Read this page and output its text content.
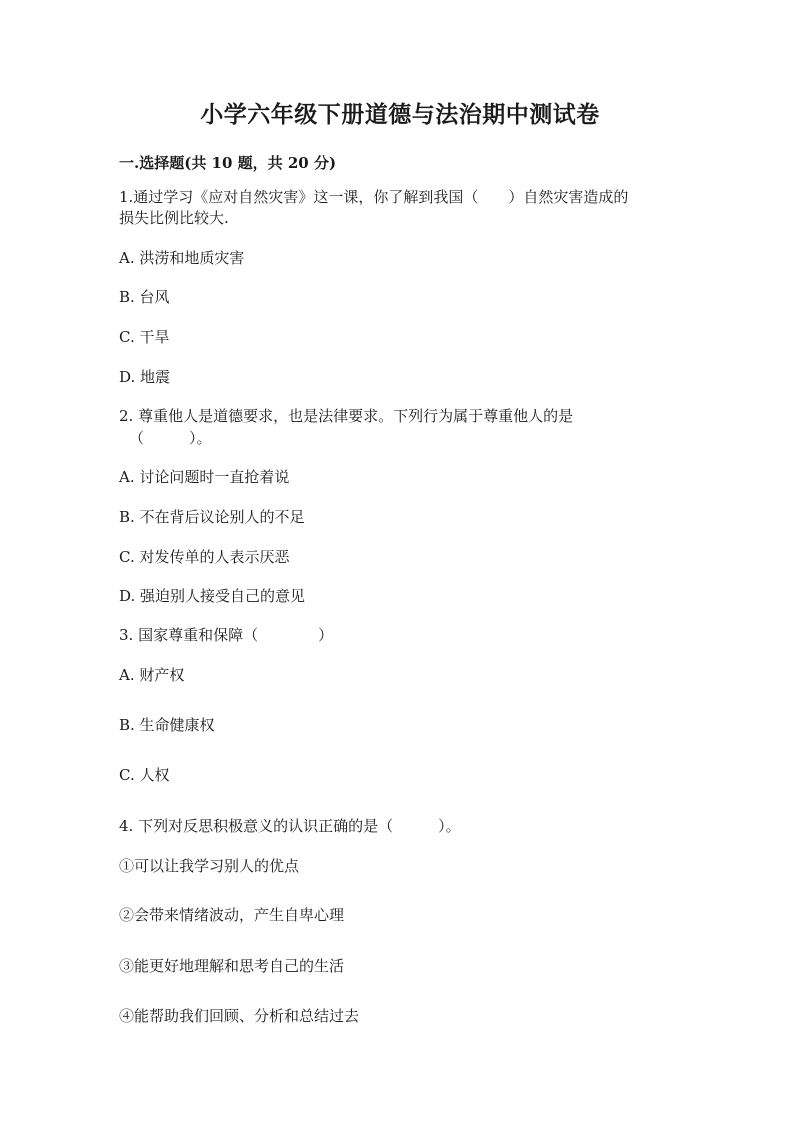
小学六年级下册道德与法治期中测试卷
一.选择题(共 10 题，共 20 分)
1.通过学习《应对自然灾害》这一课，你了解到我国（　　）自然灾害造成的
损失比例比较大.
A. 洪涝和地质灾害
B. 台风
C. 干旱
D. 地震
2. 尊重他人是道德要求，也是法律要求。下列行为属于尊重他人的是
（　　　）。
A. 讨论问题时一直抢着说
B. 不在背后议论别人的不足
C. 对发传单的人表示厌恶
D. 强迫别人接受自己的意见
3. 国家尊重和保障（　　　　）
A. 财产权
B. 生命健康权
C. 人权
4. 下列对反思积极意义的认识正确的是（　　　）。
①可以让我学习别人的优点
②会带来情绪波动，产生自卑心理
③能更好地理解和思考自己的生活
④能帮助我们回顾、分析和总结过去
